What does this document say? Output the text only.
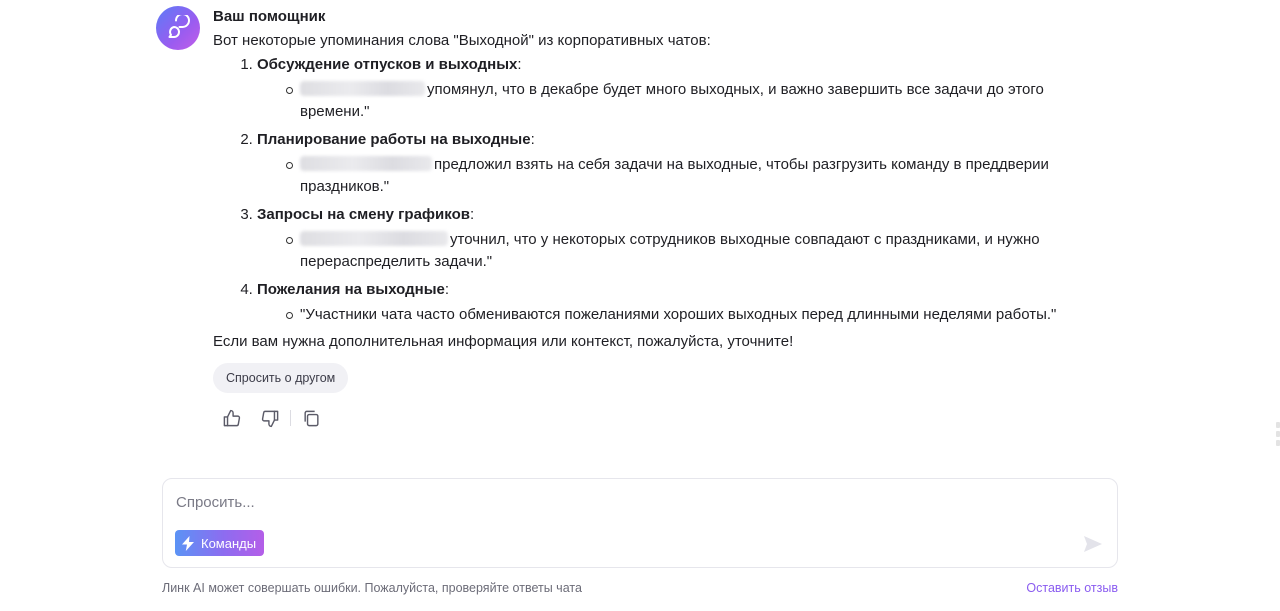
Ваш помощник
Вот некоторые упоминания слова "Выходной" из корпоративных чатов:
1. Обсуждение отпусков и выходных:
упомянул, что в декабре будет много выходных, и важно завершить все задачи до этого времени."
2. Планирование работы на выходные:
предложил взять на себя задачи на выходные, чтобы разгрузить команду в преддверии праздников."
3. Запросы на смену графиков:
уточнил, что у некоторых сотрудников выходные совпадают с праздниками, и нужно перераспределить задачи."
4. Пожелания на выходные:
"Участники чата часто обмениваются пожеланиями хороших выходных перед длинными неделями работы."
Если вам нужна дополнительная информация или контекст, пожалуйста, уточните!
Спросить о другом
Спросить...
Команды
Линк AI может совершать ошибки. Пожалуйста, проверяйте ответы чата	Оставить отзыв
